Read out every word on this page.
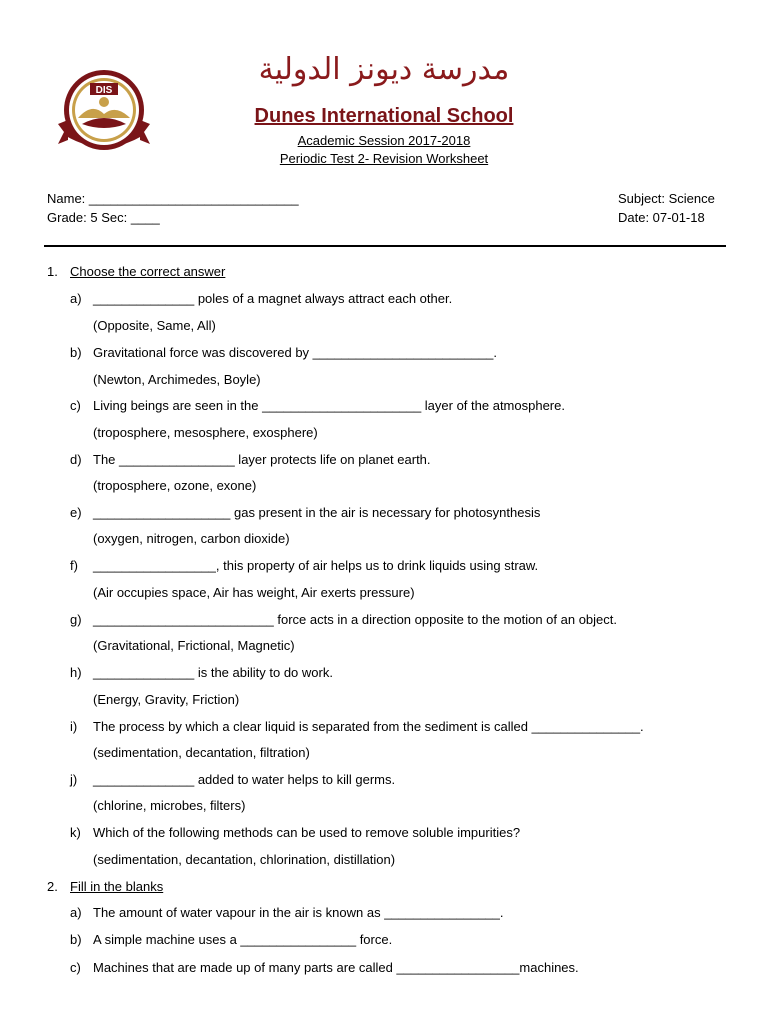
DIS
مدرسة ديونز الدولية
Dunes International School
Academic Session 2017-2018
Periodic Test 2- Revision Worksheet
Name: _____________________________
Grade: 5 Sec: ____
Subject: Science
Date: 07-01-18
1. Choose the correct answer
a) ______________ poles of a magnet always attract each other.
(Opposite, Same, All)
b) Gravitational force was discovered by _________________________.
(Newton, Archimedes, Boyle)
c) Living beings are seen in the ______________________ layer of the atmosphere.
(troposphere, mesosphere, exosphere)
d) The ________________ layer protects life on planet earth.
(troposphere, ozone, exone)
e) ___________________ gas present in the air is necessary for photosynthesis
(oxygen, nitrogen, carbon dioxide)
f) _________________, this property of air helps us to drink liquids using straw.
(Air occupies space, Air has weight, Air exerts pressure)
g) _________________________ force acts in a direction opposite to the motion of an object.
(Gravitational, Frictional, Magnetic)
h) ______________ is the ability to do work.
(Energy, Gravity, Friction)
i) The process by which a clear liquid is separated from the sediment is called _______________.
(sedimentation, decantation, filtration)
j) ______________ added to water helps to kill germs.
(chlorine, microbes, filters)
k) Which of the following methods can be used to remove soluble impurities?
(sedimentation, decantation, chlorination, distillation)
2. Fill in the blanks
a) The amount of water vapour in the air is known as ________________.
b) A simple machine uses a ________________ force.
c) Machines that are made up of many parts are called _________________machines.
